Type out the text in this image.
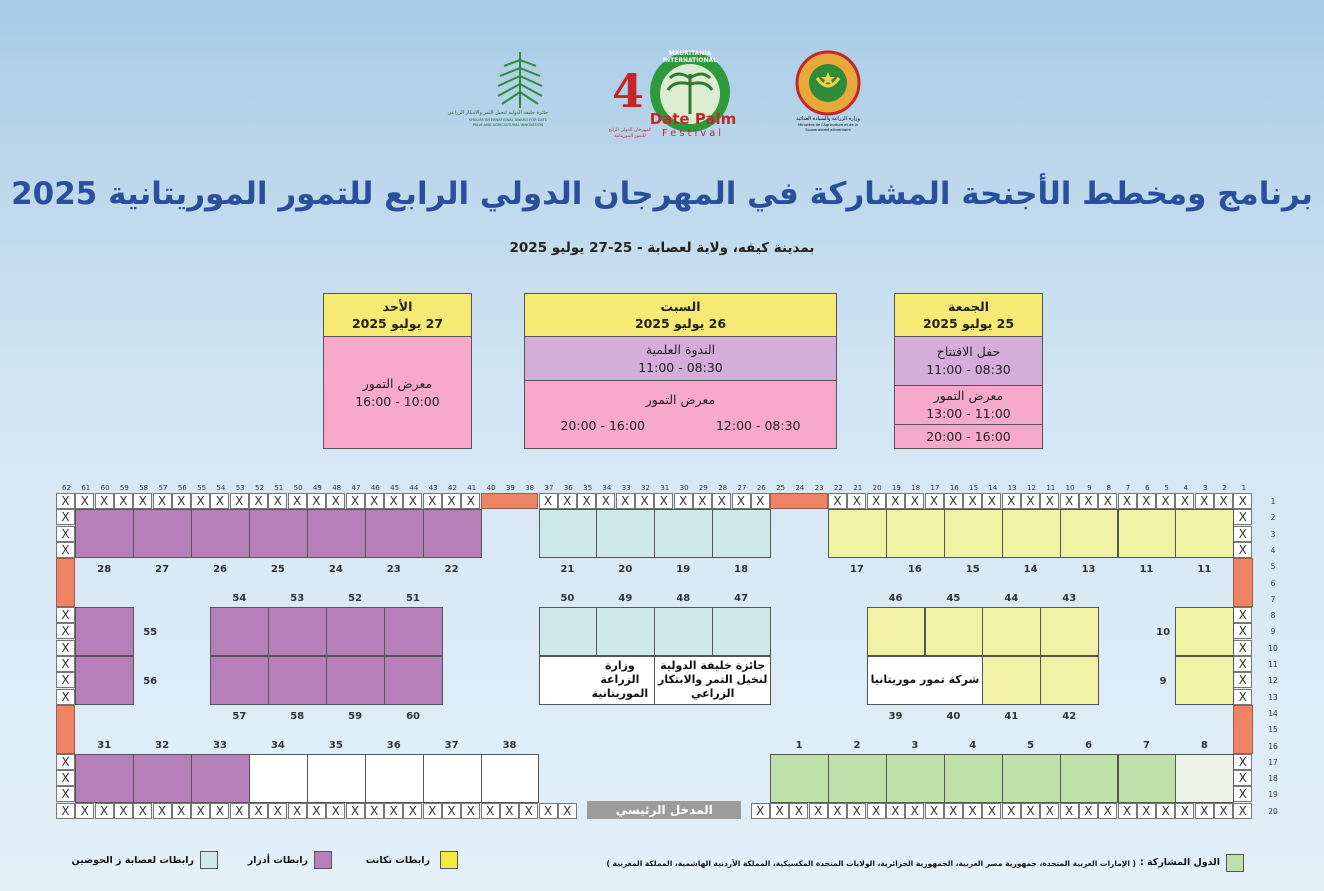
جائزة خليفة الدولية لنخيل التمر والابتكار الزراعي
KHALIFA INTERNATIONAL AWARD FOR DATE PALM AND AGRICULTURAL INNOVATION
MAURITANIA INTERNATIONAL
4
Date Palm
Festival
المهرجان الدولي الرابع للتمور الموريتانية
وزارة الزراعة والسيادة الغذائية
Ministère de l'Agriculture et de la Souveraineté alimentaire
برنامج ومخطط الأجنحة المشاركة في المهرجان الدولي الرابع للتمور الموريتانية 2025
بمدينة كيفه، ولاية لعصابة - 25-27 يوليو 2025
الجمعة
25 يوليو 2025
حفل الافتتاح
08:30 - 11:00
معرض التمور
11:00 - 13:00
16:00 - 20:00
السبت
26 يوليو 2025
الندوة العلمية
08:30 - 11:00
معرض التمور
08:30 - 12:00
16:00 - 20:00
الأحد
27 يوليو 2025
معرض التمور
10:00 - 16:00
X X X X X X X X X X X X X X X X X X X X X X	X X X X X X X X X X X X	X X X X X X X X X X X X X X X X X X X X X X
X X X X X X X X X X X X X X X X X X X X X X X X X X X	X X X X X X X X X X X X X X X X X X X X X X X X X X
X	X
X	X
X	X
X	X
X	X
X	X
X	X
X	X
X	X
X	X
X	X
X	X
62	61	60	59	58	57	56	55	54	53	52	51	50	49	48	47	46	45	44	43	42	41	40	39	38	37	36	35	34	33	32	31	30	29	28	27	26	25	24	23	22	21	20	19	18	17	16	15	14	13	12	11	10	9	8	7	6	5	4	3	2	1
1
2
3
4
5
6
7
8
9
10
11
12
13
14
15
16
17
18
19
20
28	27	26	25	24	23	22	21	20	19	18	17	16	15	14	13	11	11
55
56
54	53	52	51
57	58	59	60
50	49	48	47
وزارة الزراعة الموريتانية
جائزة خليفة الدولية لنخيل التمر والابتكار الزراعي
46	45	44	43
شركة تمور موريتانيا
39	40	41	42
10
9
31	32	33	34	35	36	37	38	1	2	3	4	5	6	7	8
المدخل الرئيسي
الدول المشاركة :
( الإمارات العربية المتحدة، جمهورية مصر العربية، الجمهورية الجزائرية، الولايات المتحدة المكسيكية، المملكة الأردنية الهاشمية، المملكة المغربية )
رابطات تكانت
رابطات أدرار
رابطات لعصابة ز الحوضين
